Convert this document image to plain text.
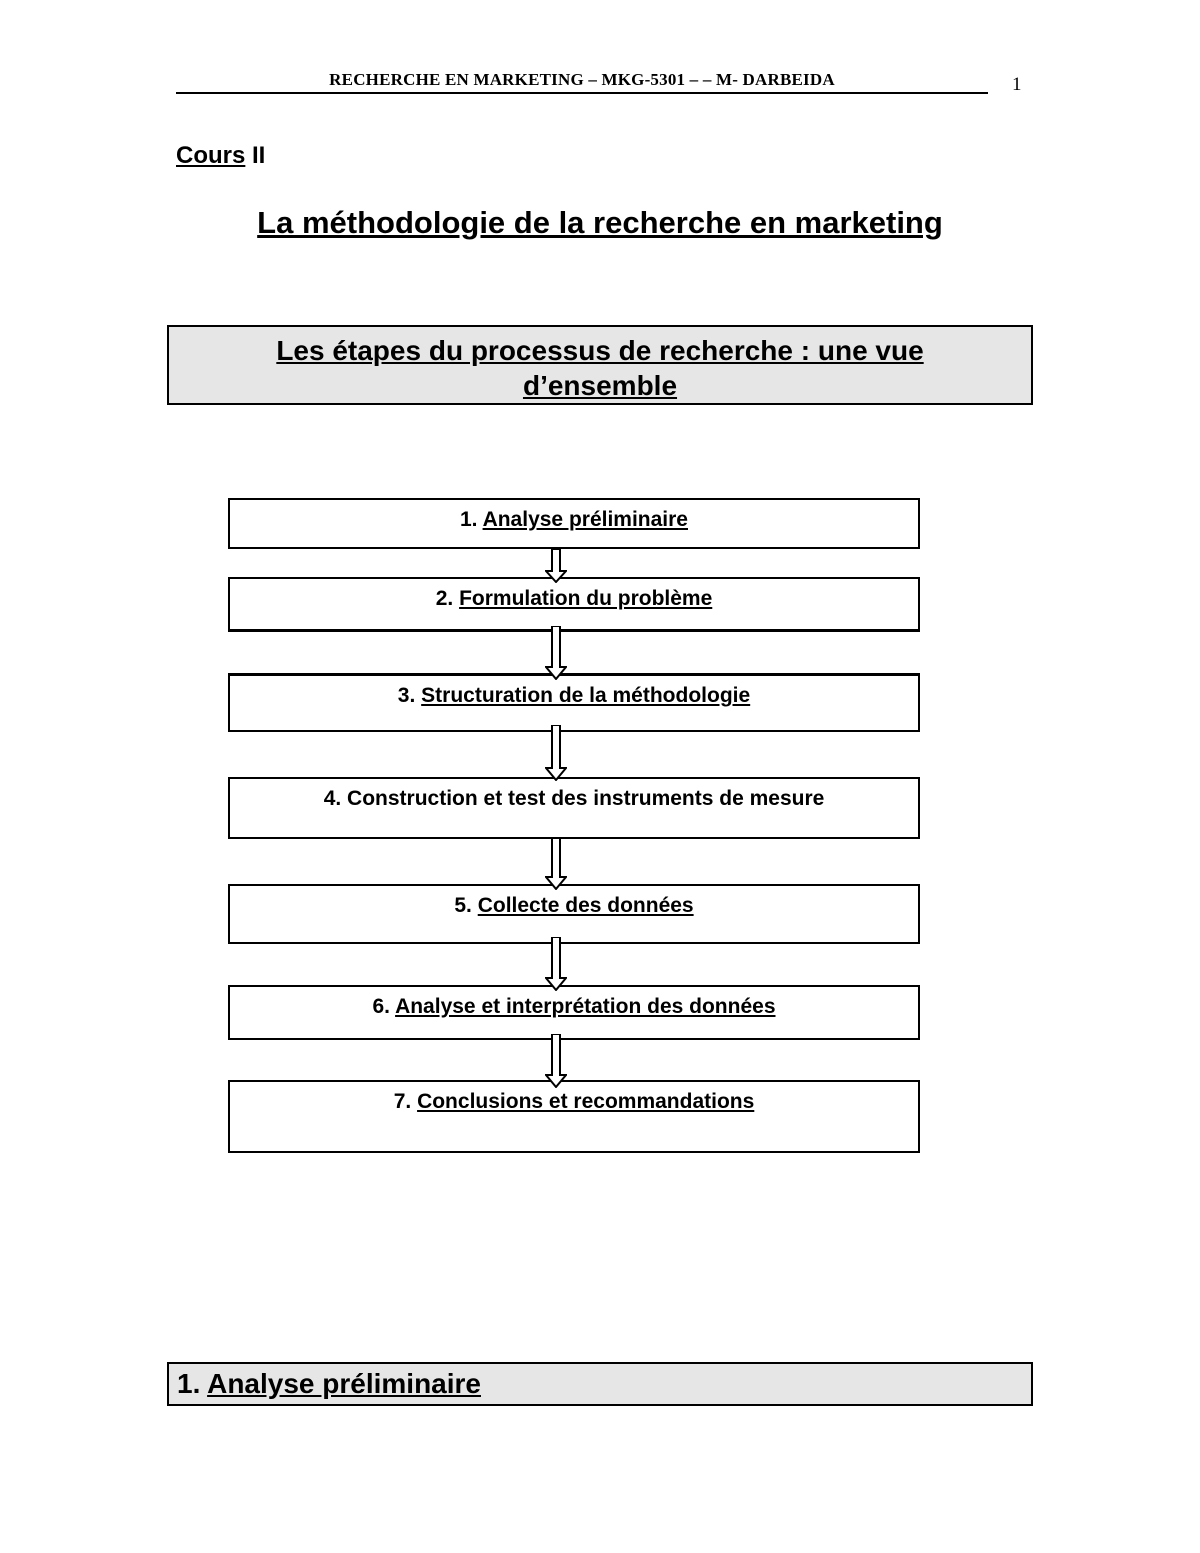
RECHERCHE EN MARKETING – MKG-5301 – – M- DARBEIDA	1
Cours II
La méthodologie de la recherche en marketing
Les étapes du processus de recherche : une vue
d’ensemble
1. Analyse préliminaire
2. Formulation du problème
3. Structuration de la méthodologie
4. Construction et test des instruments de mesure
5. Collecte des données
6. Analyse et interprétation des données
7. Conclusions et recommandations
1. Analyse préliminaire
